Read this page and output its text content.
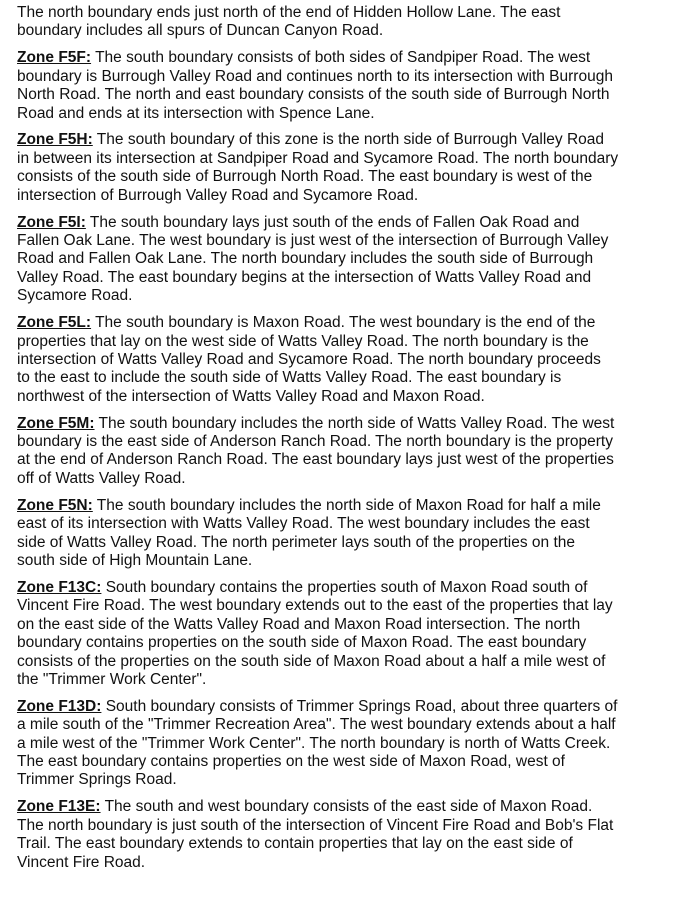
The north boundary ends just north of the end of Hidden Hollow Lane. The east
boundary includes all spurs of Duncan Canyon Road.

Zone F5F: The south boundary consists of both sides of Sandpiper Road. The west
boundary is Burrough Valley Road and continues north to its intersection with Burrough
North Road. The north and east boundary consists of the south side of Burrough North
Road and ends at its intersection with Spence Lane.

Zone F5H: The south boundary of this zone is the north side of Burrough Valley Road
in between its intersection at Sandpiper Road and Sycamore Road. The north boundary
consists of the south side of Burrough North Road. The east boundary is west of the
intersection of Burrough Valley Road and Sycamore Road.

Zone F5I: The south boundary lays just south of the ends of Fallen Oak Road and
Fallen Oak Lane. The west boundary is just west of the intersection of Burrough Valley
Road and Fallen Oak Lane. The north boundary includes the south side of Burrough
Valley Road. The east boundary begins at the intersection of Watts Valley Road and
Sycamore Road.

Zone F5L: The south boundary is Maxon Road. The west boundary is the end of the
properties that lay on the west side of Watts Valley Road. The north boundary is the
intersection of Watts Valley Road and Sycamore Road. The north boundary proceeds
to the east to include the south side of Watts Valley Road. The east boundary is
northwest of the intersection of Watts Valley Road and Maxon Road.

Zone F5M: The south boundary includes the north side of Watts Valley Road. The west
boundary is the east side of Anderson Ranch Road. The north boundary is the property
at the end of Anderson Ranch Road. The east boundary lays just west of the properties
off of Watts Valley Road.

Zone F5N: The south boundary includes the north side of Maxon Road for half a mile
east of its intersection with Watts Valley Road. The west boundary includes the east
side of Watts Valley Road. The north perimeter lays south of the properties on the
south side of High Mountain Lane.

Zone F13C: South boundary contains the properties south of Maxon Road south of
Vincent Fire Road. The west boundary extends out to the east of the properties that lay
on the east side of the Watts Valley Road and Maxon Road intersection. The north
boundary contains properties on the south side of Maxon Road. The east boundary
consists of the properties on the south side of Maxon Road about a half a mile west of
the "Trimmer Work Center".

Zone F13D: South boundary consists of Trimmer Springs Road, about three quarters of
a mile south of the "Trimmer Recreation Area". The west boundary extends about a half
a mile west of the "Trimmer Work Center". The north boundary is north of Watts Creek.
The east boundary contains properties on the west side of Maxon Road, west of
Trimmer Springs Road.

Zone F13E: The south and west boundary consists of the east side of Maxon Road.
The north boundary is just south of the intersection of Vincent Fire Road and Bob's Flat
Trail. The east boundary extends to contain properties that lay on the east side of
Vincent Fire Road.
